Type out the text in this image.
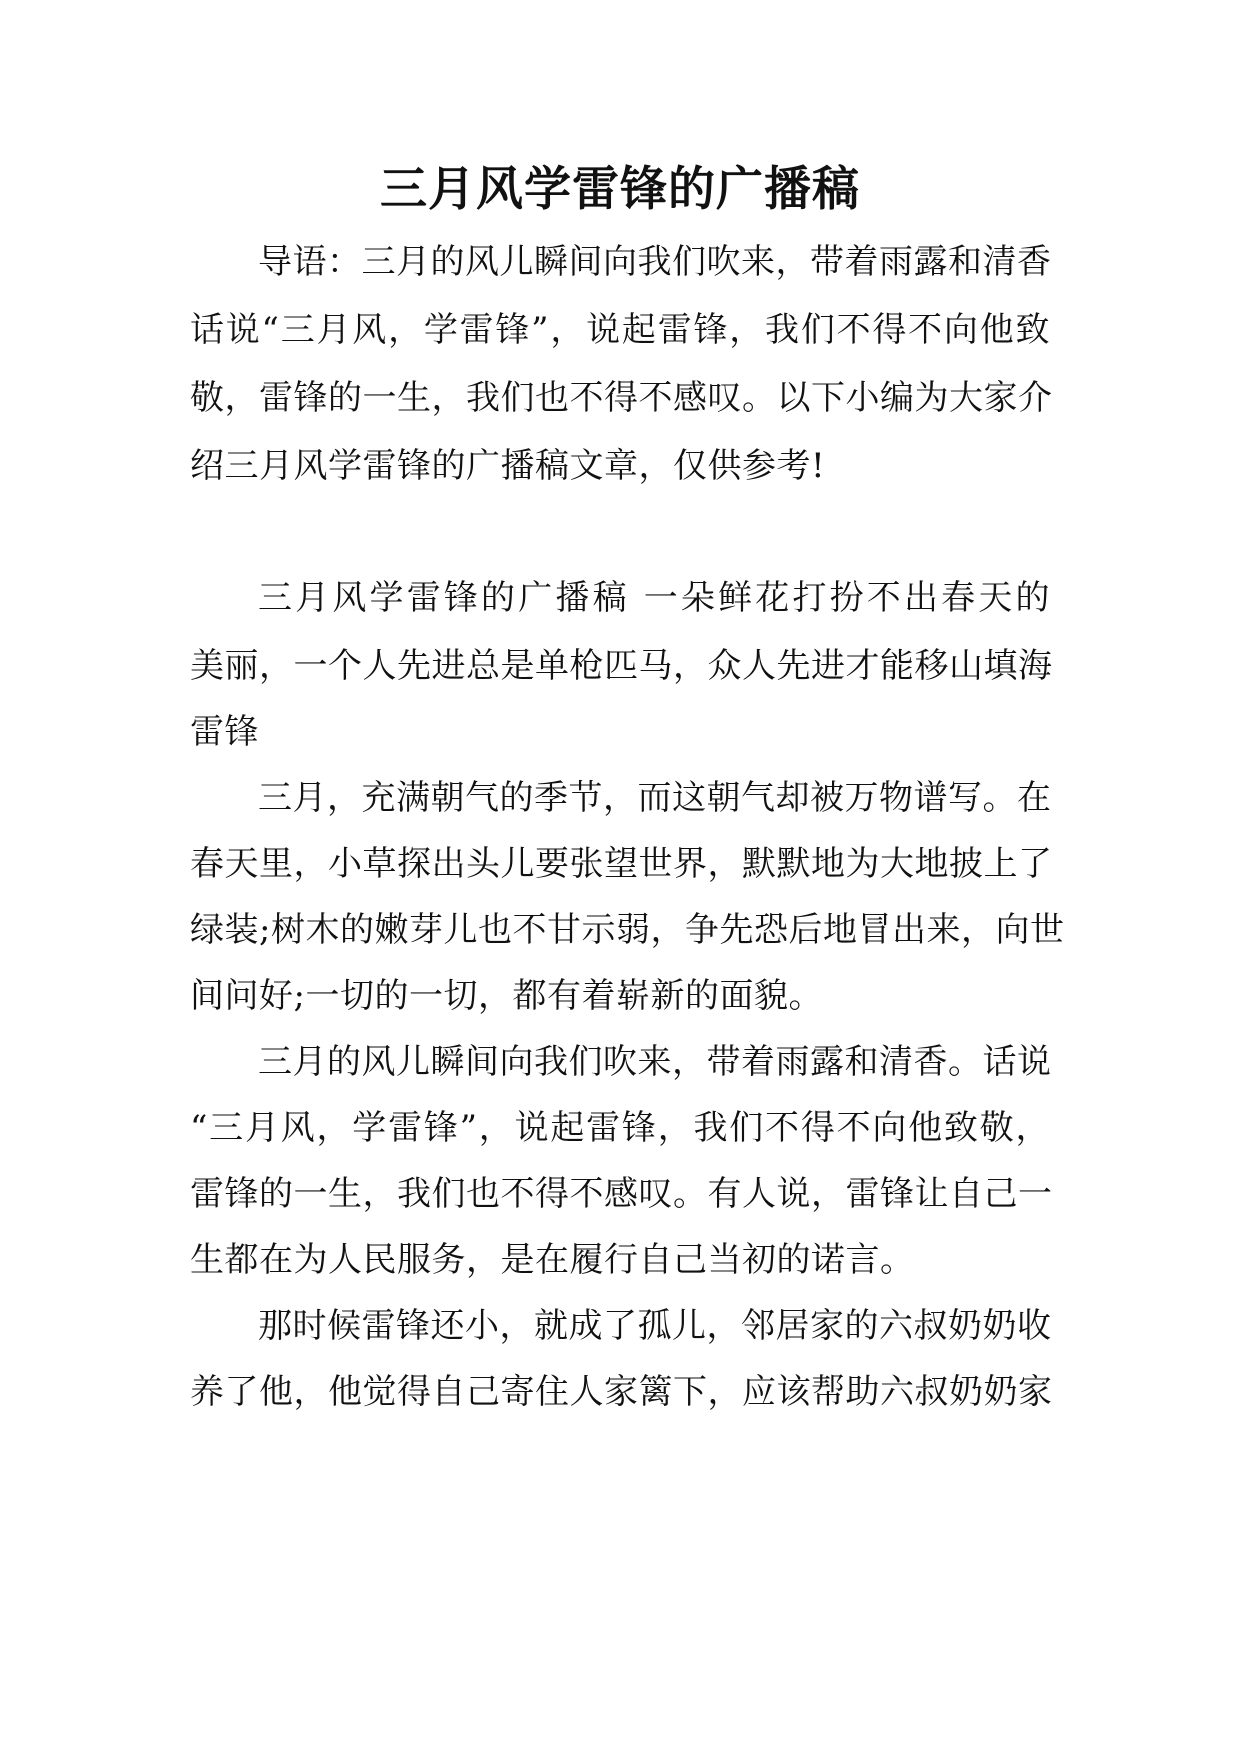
三月风学雷锋的广播稿
导语：三月的风儿瞬间向我们吹来，带着雨露和清香
话说“三月风，学雷锋”，说起雷锋，我们不得不向他致
敬，雷锋的一生，我们也不得不感叹。以下小编为大家介
绍三月风学雷锋的广播稿文章，仅供参考!
三月风学雷锋的广播稿 一朵鲜花打扮不出春天的
美丽，一个人先进总是单枪匹马，众人先进才能移山填海
雷锋
三月，充满朝气的季节，而这朝气却被万物谱写。在
春天里，小草探出头儿要张望世界，默默地为大地披上了
绿装;树木的嫩芽儿也不甘示弱，争先恐后地冒出来，向世
间问好;一切的一切，都有着崭新的面貌。
三月的风儿瞬间向我们吹来，带着雨露和清香。话说
“三月风，学雷锋”，说起雷锋，我们不得不向他致敬，
雷锋的一生，我们也不得不感叹。有人说，雷锋让自己一
生都在为人民服务，是在履行自己当初的诺言。
那时候雷锋还小，就成了孤儿，邻居家的六叔奶奶收
养了他，他觉得自己寄住人家篱下，应该帮助六叔奶奶家
